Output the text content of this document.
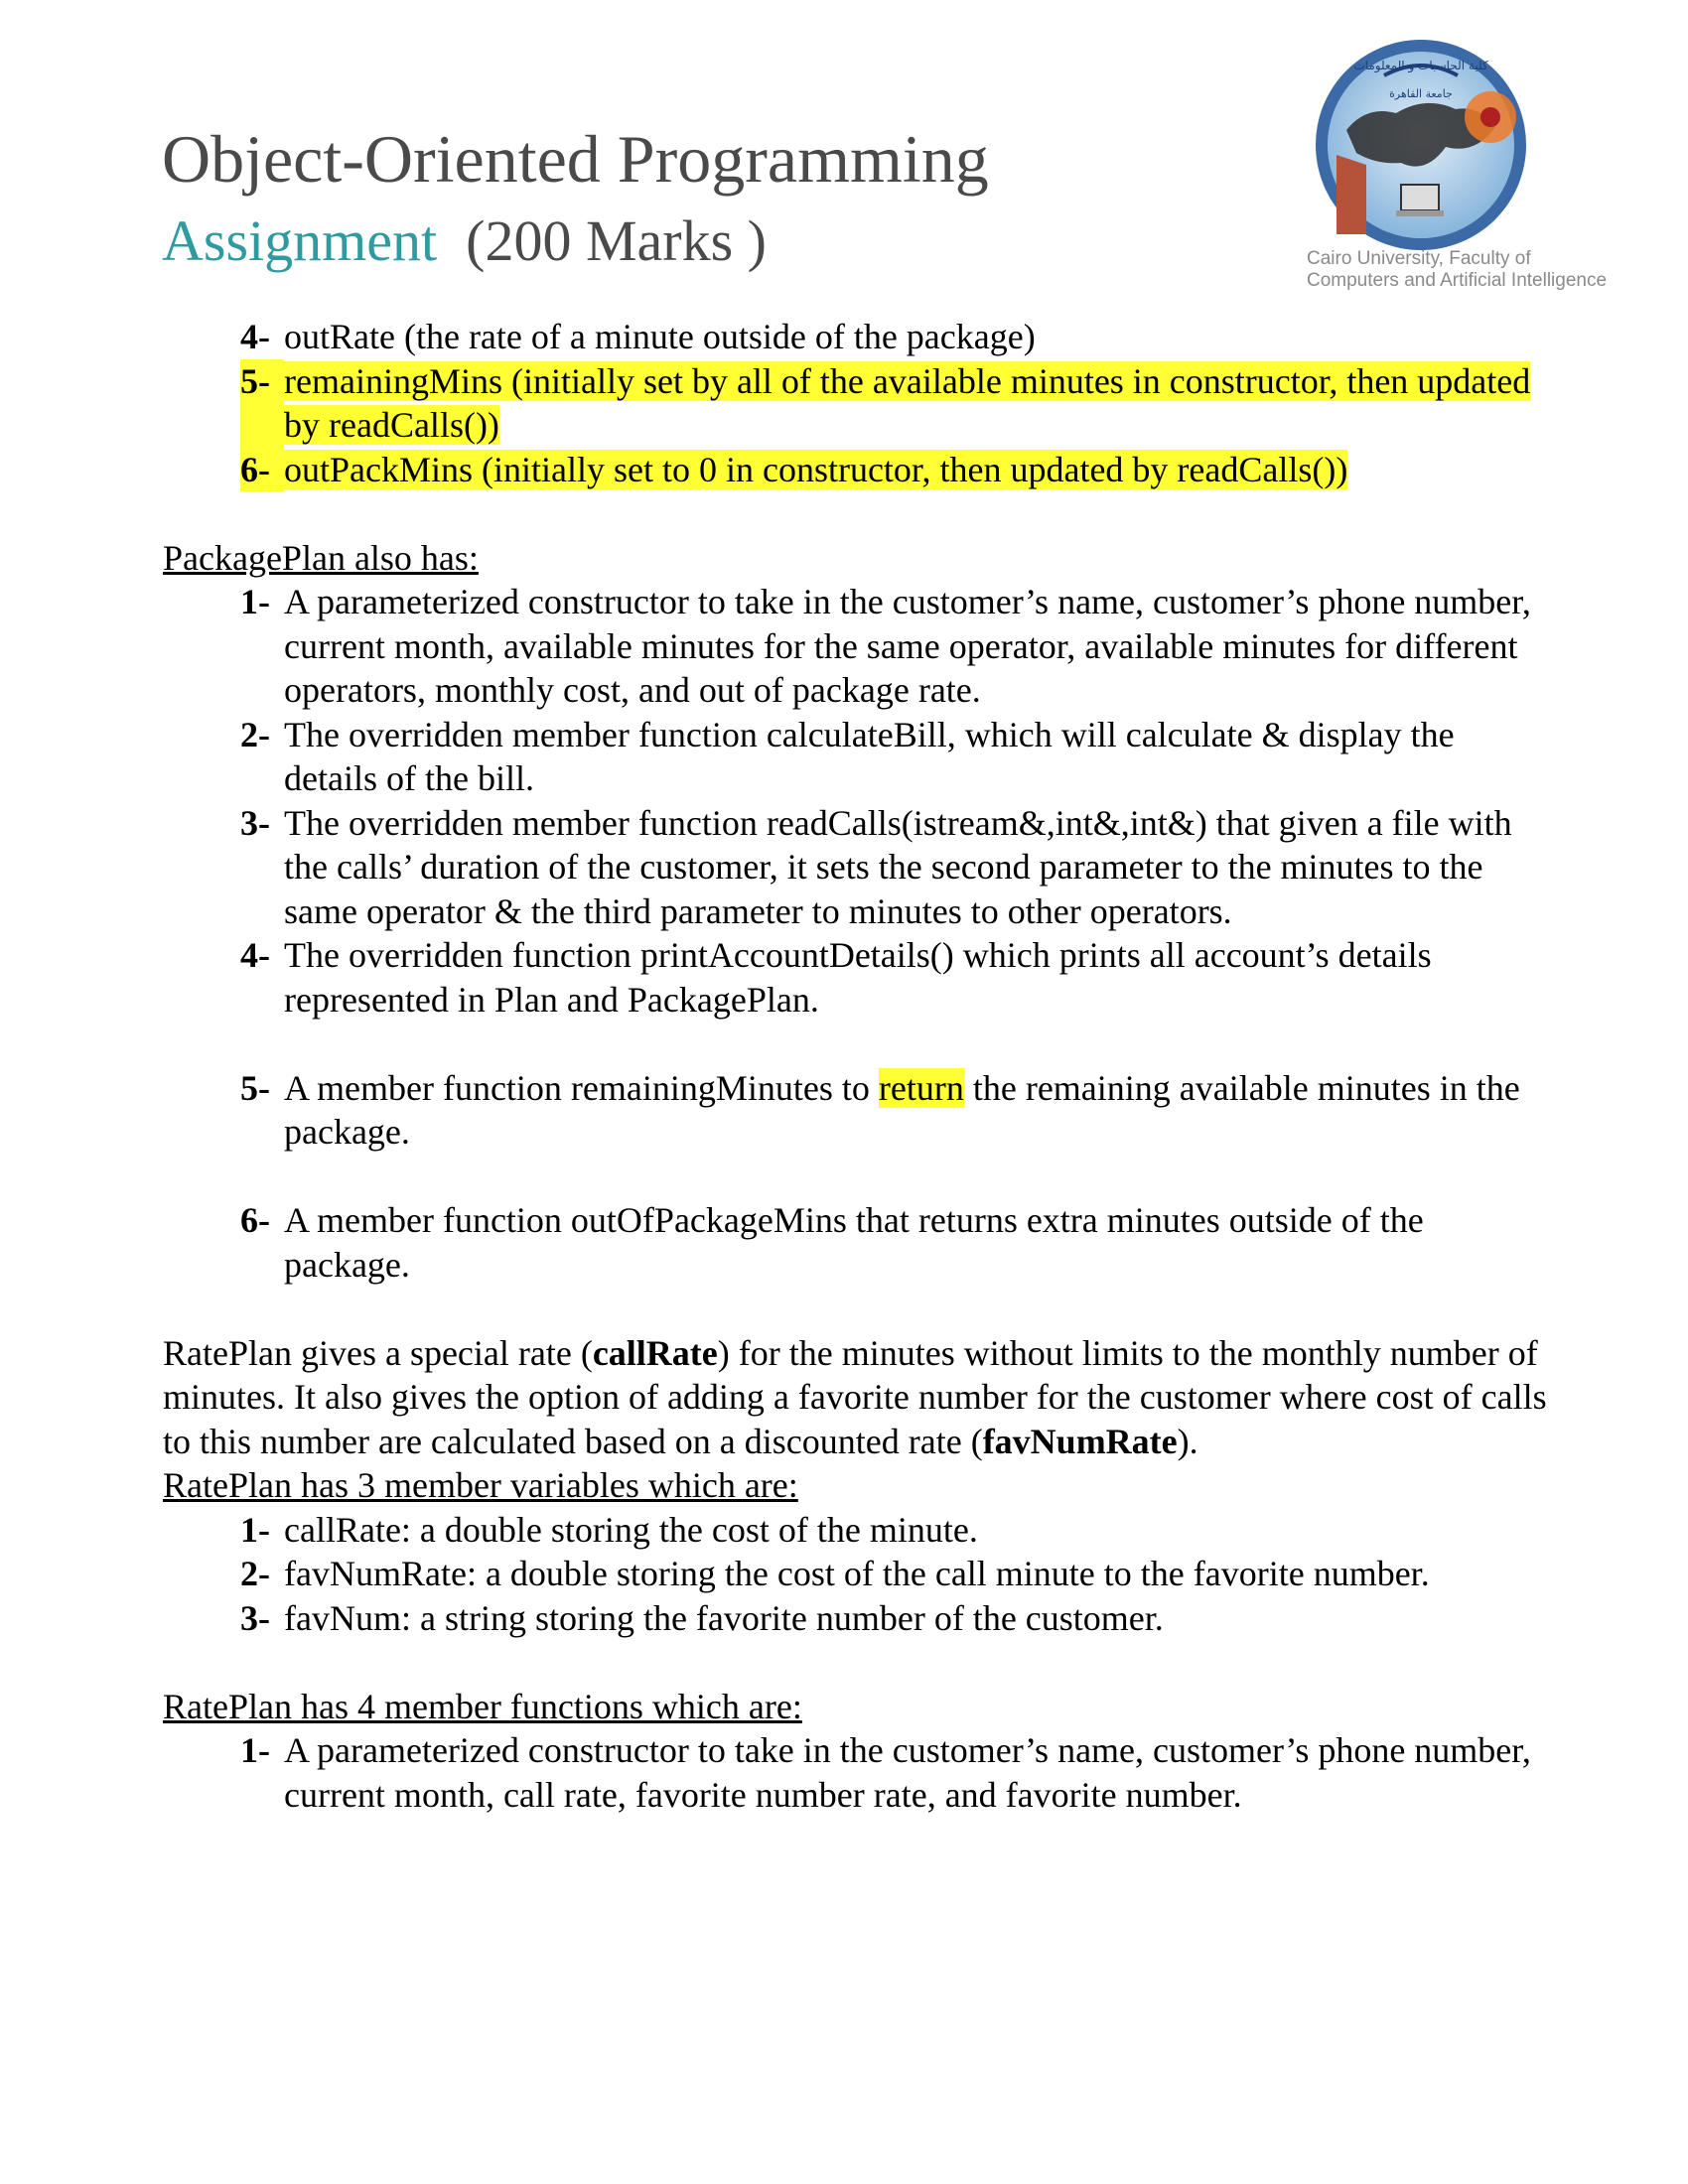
Object-Oriented Programming
Assignment (200 Marks )
كلية الحاسبات و المعلومات
جامعة القاهرة
Cairo University, Faculty of
Computers and Artificial Intelligence
4- outRate (the rate of a minute outside of the package)
5- remainingMins (initially set by all of the available minutes in constructor, then updated by readCalls())
6- outPackMins (initially set to 0 in constructor, then updated by readCalls())
PackagePlan also has:
1- A parameterized constructor to take in the customer’s name, customer’s phone number, current month, available minutes for the same operator, available minutes for different operators, monthly cost, and out of package rate.
2- The overridden member function calculateBill, which will calculate & display the details of the bill.
3- The overridden member function readCalls(istream&,int&,int&) that given a file with the calls’ duration of the customer, it sets the second parameter to the minutes to the same operator & the third parameter to minutes to other operators.
4- The overridden function printAccountDetails() which prints all account’s details represented in Plan and PackagePlan.
5- A member function remainingMinutes to return the remaining available minutes in the package.
6- A member function outOfPackageMins that returns extra minutes outside of the package.

RatePlan gives a special rate (callRate) for the minutes without limits to the monthly number of minutes. It also gives the option of adding a favorite number for the customer where cost of calls to this number are calculated based on a discounted rate (favNumRate).

RatePlan has 3 member variables which are:
1- callRate: a double storing the cost of the minute.
2- favNumRate: a double storing the cost of the call minute to the favorite number.
3- favNum: a string storing the favorite number of the customer.
RatePlan has 4 member functions which are:
1- A parameterized constructor to take in the customer’s name, customer’s phone number, current month, call rate, favorite number rate, and favorite number.
